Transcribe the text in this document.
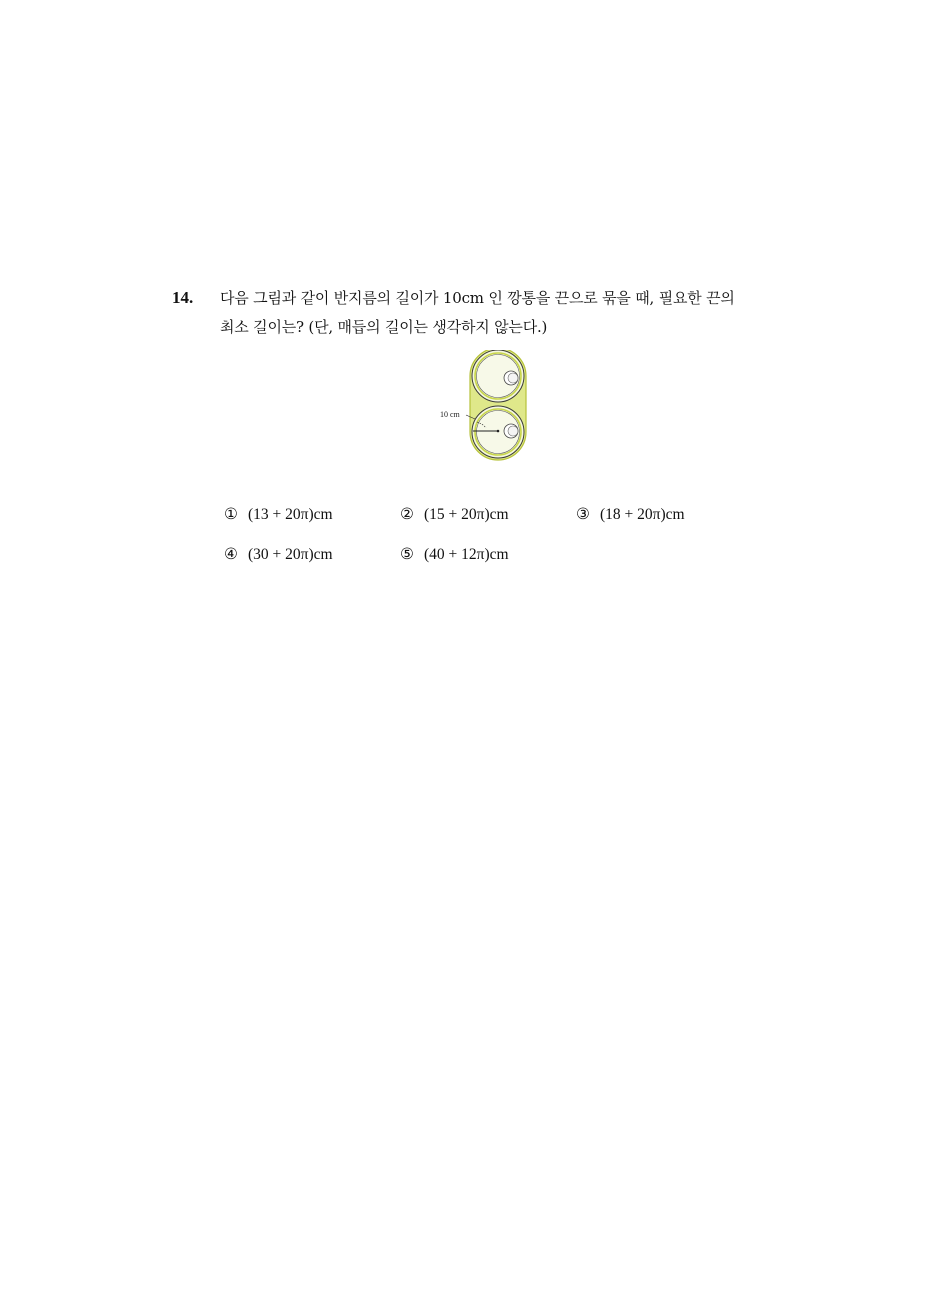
14. 다음 그림과 같이 반지름의 길이가 10cm 인 깡통을 끈으로 묶을 때, 필요한 끈의
최소 길이는? (단, 매듭의 길이는 생각하지 않는다.)
10 cm
① (13 + 20π)cm	② (15 + 20π)cm	③ (18 + 20π)cm
④ (30 + 20π)cm	⑤ (40 + 12π)cm
